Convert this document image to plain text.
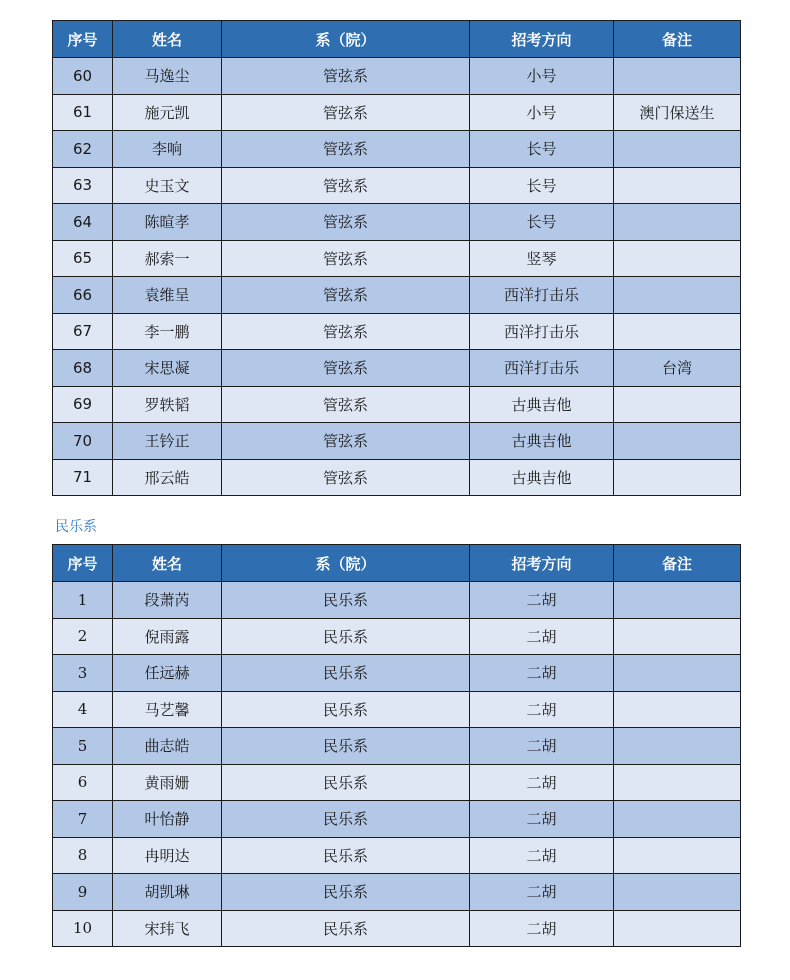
序号	姓名	系（院）	招考方向	备注
60	马逸尘	管弦系	小号	
61	施元凯	管弦系	小号	澳门保送生
62	李响	管弦系	长号	
63	史玉文	管弦系	长号	
64	陈暄孝	管弦系	长号	
65	郝索一	管弦系	竖琴	
66	袁维呈	管弦系	西洋打击乐	
67	李一鹏	管弦系	西洋打击乐	
68	宋思凝	管弦系	西洋打击乐	台湾
69	罗轶韬	管弦系	古典吉他	
70	王钤正	管弦系	古典吉他	
71	邢云皓	管弦系	古典吉他	

民乐系

序号	姓名	系（院）	招考方向	备注
1	段萧芮	民乐系	二胡	
2	倪雨露	民乐系	二胡	
3	任远赫	民乐系	二胡	
4	马艺馨	民乐系	二胡	
5	曲志皓	民乐系	二胡	
6	黄雨姗	民乐系	二胡	
7	叶怡静	民乐系	二胡	
8	冉明达	民乐系	二胡	
9	胡凯琳	民乐系	二胡	
10	宋玮飞	民乐系	二胡	
